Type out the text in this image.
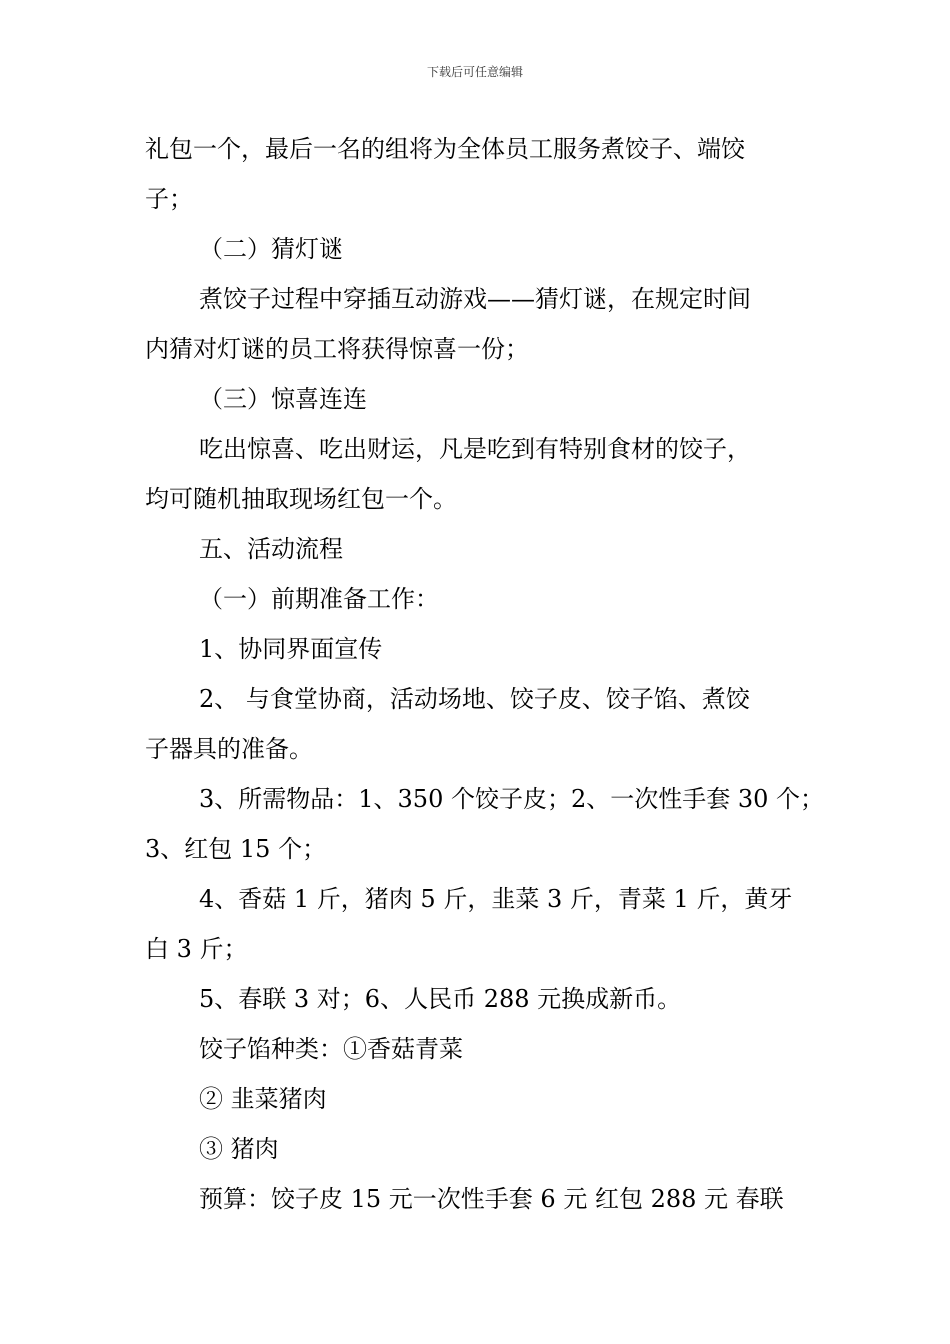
下载后可任意编辑
礼包一个，最后一名的组将为全体员工服务煮饺子、端饺
子；
（二）猜灯谜
煮饺子过程中穿插互动游戏——猜灯谜，在规定时间
内猜对灯谜的员工将获得惊喜一份；
（三）惊喜连连
吃出惊喜、吃出财运，凡是吃到有特别食材的饺子，
均可随机抽取现场红包一个。
五、活动流程
（一）前期准备工作：
1、协同界面宣传
2、 与食堂协商，活动场地、饺子皮、饺子馅、煮饺
子器具的准备。
3、所需物品：1、350 个饺子皮；2、一次性手套 30 个；
3、红包 15 个；
4、香菇 1 斤，猪肉 5 斤，韭菜 3 斤，青菜 1 斤，黄牙
白 3 斤；
5、春联 3 对；6、人民币 288 元换成新币。
饺子馅种类：①香菇青菜
② 韭菜猪肉
③ 猪肉
预算：饺子皮 15 元一次性手套 6 元 红包 288 元 春联
